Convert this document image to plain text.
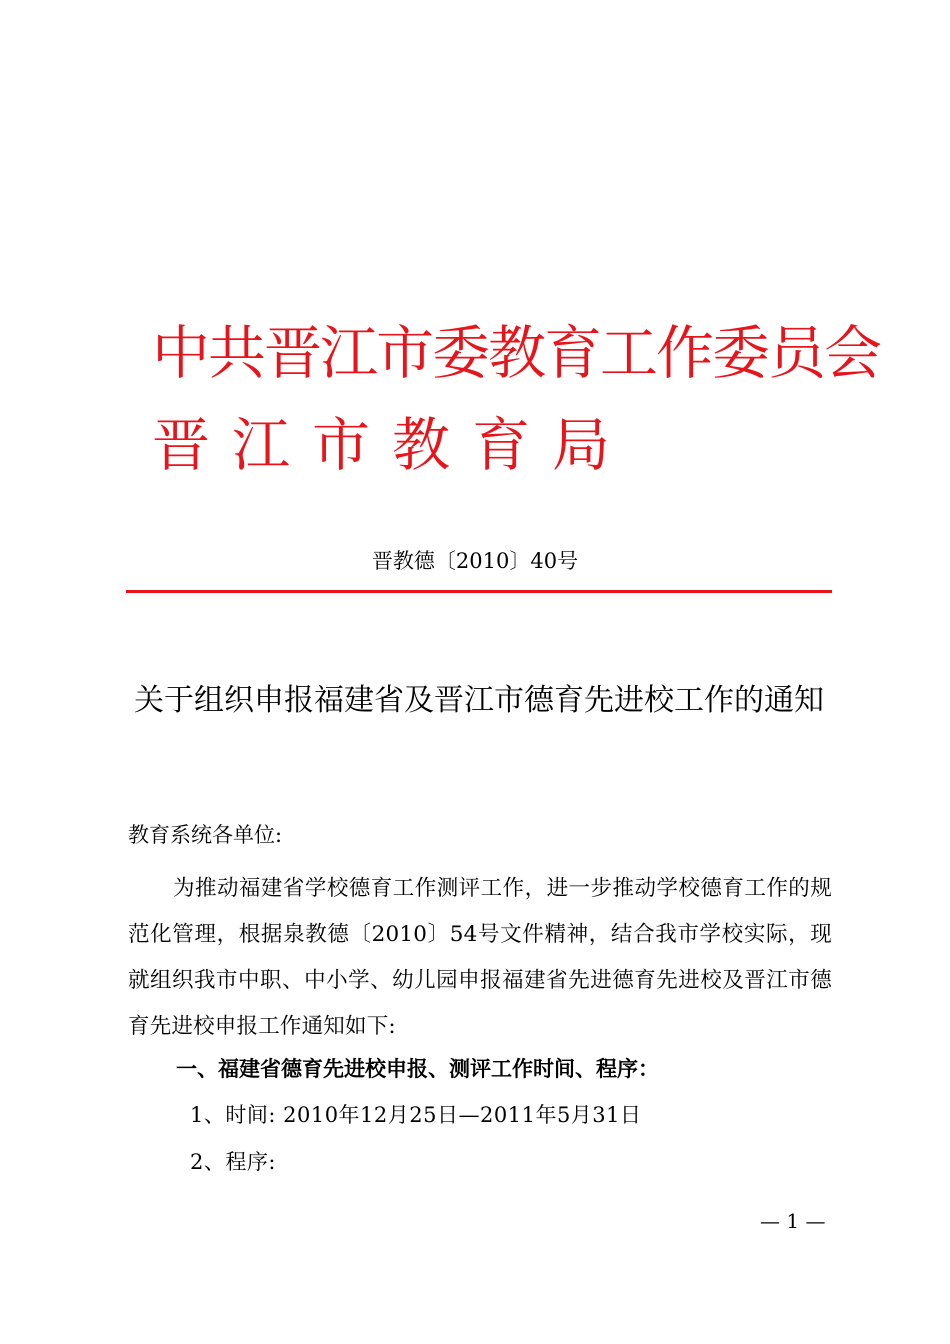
中共晋江市委教育工作委员会
晋江市教育局
晋教德〔2010〕40号
关于组织申报福建省及晋江市德育先进校工作的通知
教育系统各单位:
为推动福建省学校德育工作测评工作，进一步推动学校德育工作的规范化管理，根据泉教德〔2010〕54号文件精神，结合我市学校实际，现就组织我市中职、中小学、幼儿园申报福建省先进德育先进校及晋江市德育先进校申报工作通知如下:
一、福建省德育先进校申报、测评工作时间、程序：
1、时间: 2010年12月25日—2011年5月31日
2、程序:
— 1 —
